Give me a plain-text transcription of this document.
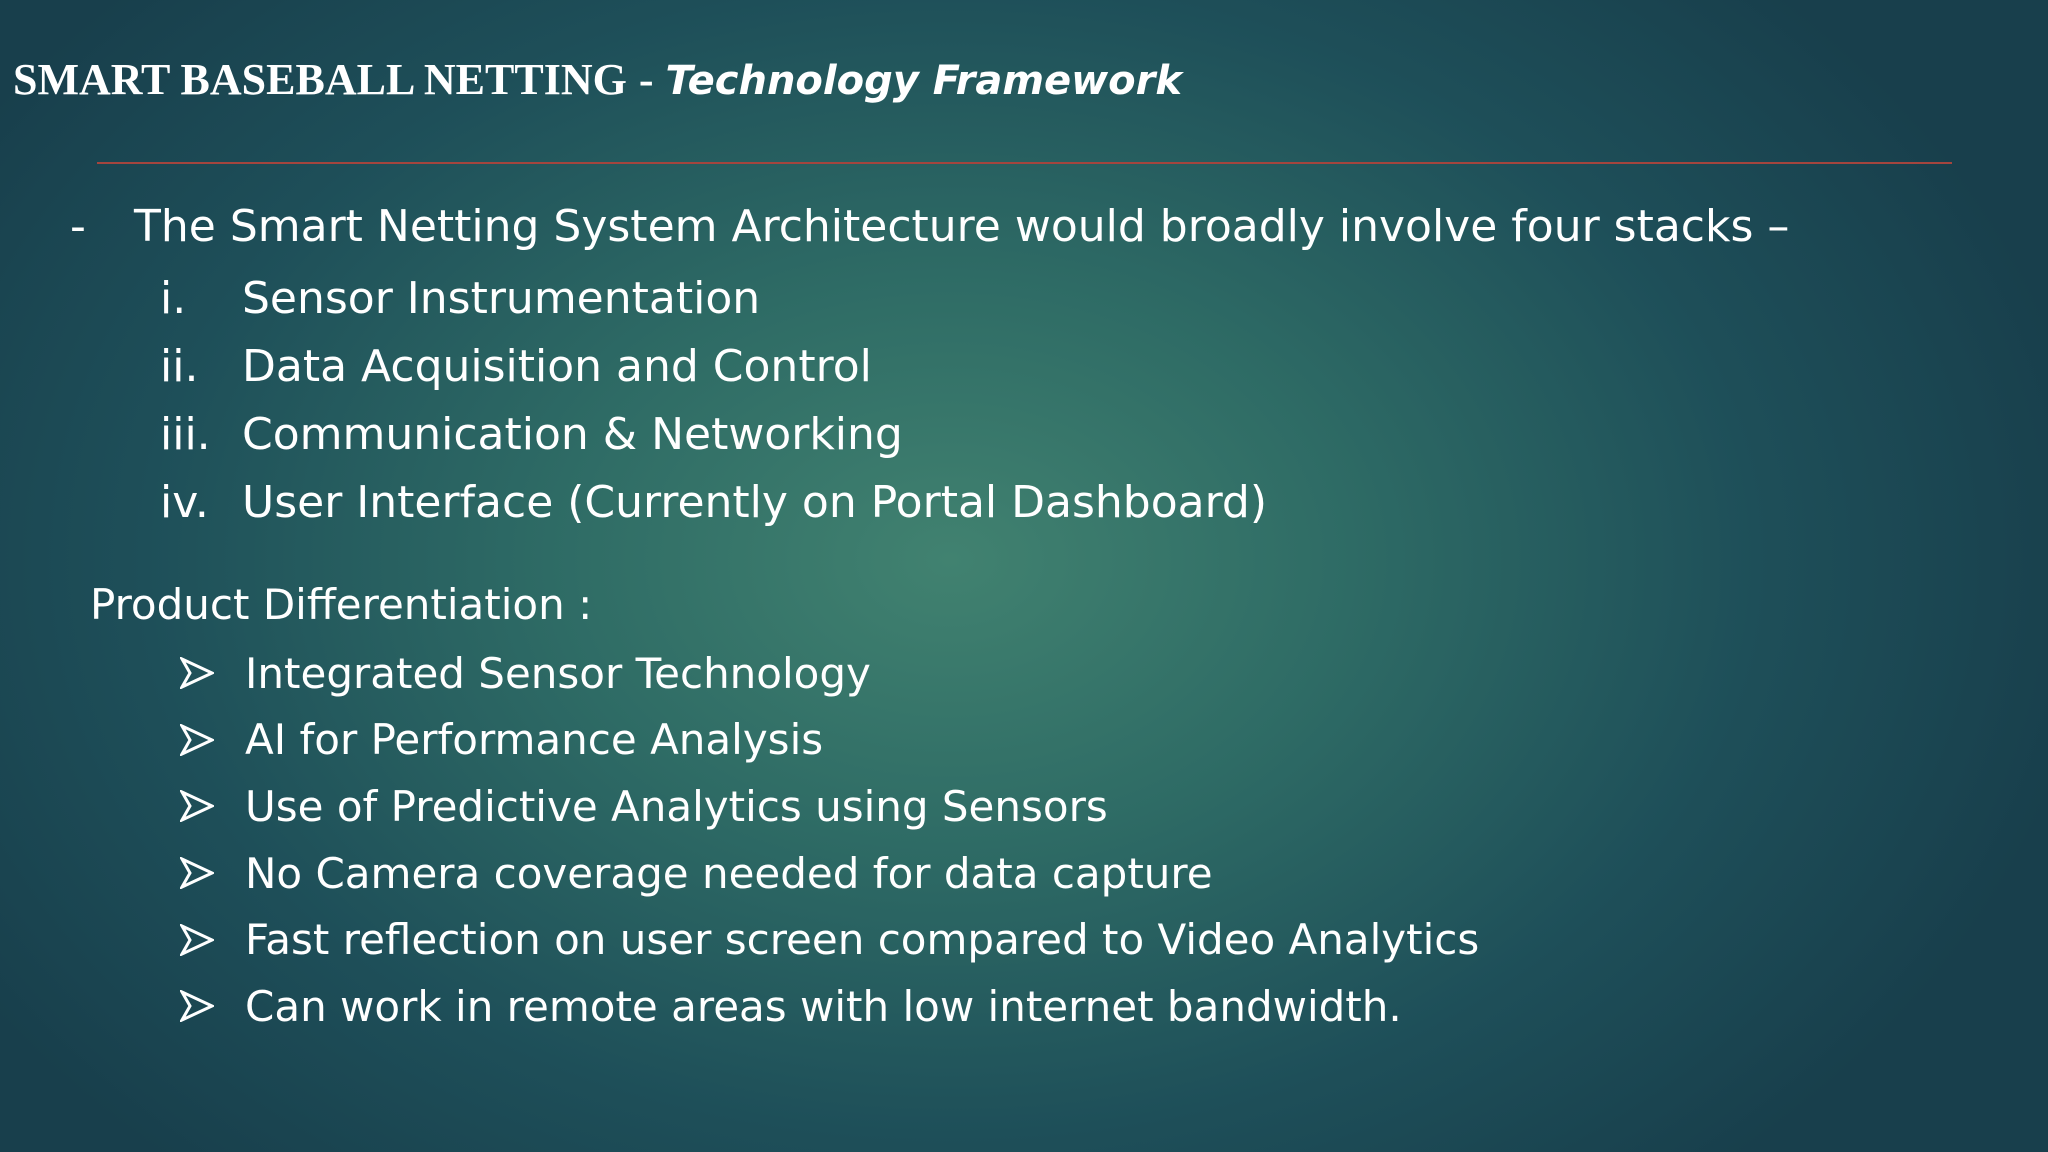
SMART BASEBALL NETTING - Technology Framework
- The Smart Netting System Architecture would broadly involve four stacks –
i.	Sensor Instrumentation
ii. Data Acquisition and Control
iii. Communication & Networking
iv. User Interface (Currently on Portal Dashboard)
Product Differentiation :
Integrated Sensor Technology
AI for Performance Analysis
Use of Predictive Analytics using Sensors
No Camera coverage needed for data capture
Fast reflection on user screen compared to Video Analytics
Can work in remote areas with low internet bandwidth.
